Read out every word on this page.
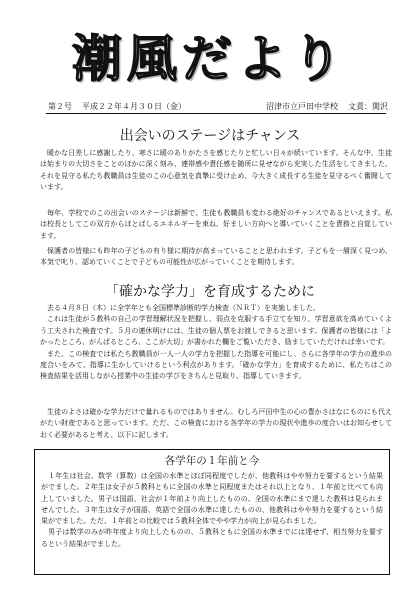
潮 風 だ よ り
第２号 平成２２年４月３０日（金）	沼津市立戸田中学校 文責：関沢
出会いのステージはチャンス

　暖かな日差しに感謝したり、寒さに暖のありがたさを感じたりと忙しい日々が続いています。そんな中、生徒は始まりの大切さをことのほかに深く刻み、連帯感や責任感を随所に見せながら充実した生活をしてきました。それを見守る私たち教職員は生徒のこの心意気を真摯に受け止め、今大きく成長する生徒を見守るべく奮闘しています。

　毎年、学校でのこの出会いのステージは新鮮で、生徒も教職員も変わる絶好のチャンスであるといえます。私は校長としてこの双方からほとばしるエネルギーを束ね、好ましい方向へと導いていくことを責務と自覚しています。

　保護者の皆様にも昨年の子どもの有り様に期待が高まっていることと思われます。子どもを一層深く見つめ、本気で叱り、認めていくことで子どもの可能性が広がっていくことを期待します。

「確かな学力」を育成するために

　去る４月８日（木）に全学年とも全国標準診断的学力検査（ＮＲＴ）を実施しました。
　これは生徒が５教科の自己の学習理解状況を把握し、弱点を克服する手立てを知り、学習意欲を高めていくよう工夫された検査です。５月の連休明けには、生徒の個人票をお渡しできると思います。保護者の皆様には「よかったところ、がんばるところ、ここが大切」が書かれた欄をご覧いただき、励ましていただければ幸いです。
　また、この検査では私たち教職員が一人一人の学力を把握した指導を可能にし、さらに各学年の学力の進歩の度合いをみて、指導に生かしていけるという利点があります。「確かな学力」を育成するために、私たちはこの検査結果を活用しながら授業中の生徒の学びをきちんと見取り、指導していきます。

　生徒のよさは確かな学力だけで量れるものではありません。むしろ戸田中生の心の豊かさはなにものにも代えがたい財産であると思っています。ただ、この検査における各学年の学力の現状や進歩の度合いはお知らせしておく必要があると考え、以下に記します。

各学年の１年前と今

　１年生は社会、数学（算数）は全国の水準とほぼ同程度でしたが、他教科はやや努力を要するという結果がでました。２年生は女子が５教科ともに全国の水準と同程度またはそれ以上となり、１年前と比べても向上していました。男子は国語、社会が１年前より向上したものの、全国の水準にまで達した教科は見られませんでした。３年生は女子が国語、英語で全国の水準に達したものの、他教科はやや努力を要するという結果がでました。ただ、１年前との比較では５教科全体でやや学力が向上が見られました。
　男子は数学のみが昨年度より向上したものの、５教科ともに全国の水準までには達せず、相当努力を要するという結果がでました。
